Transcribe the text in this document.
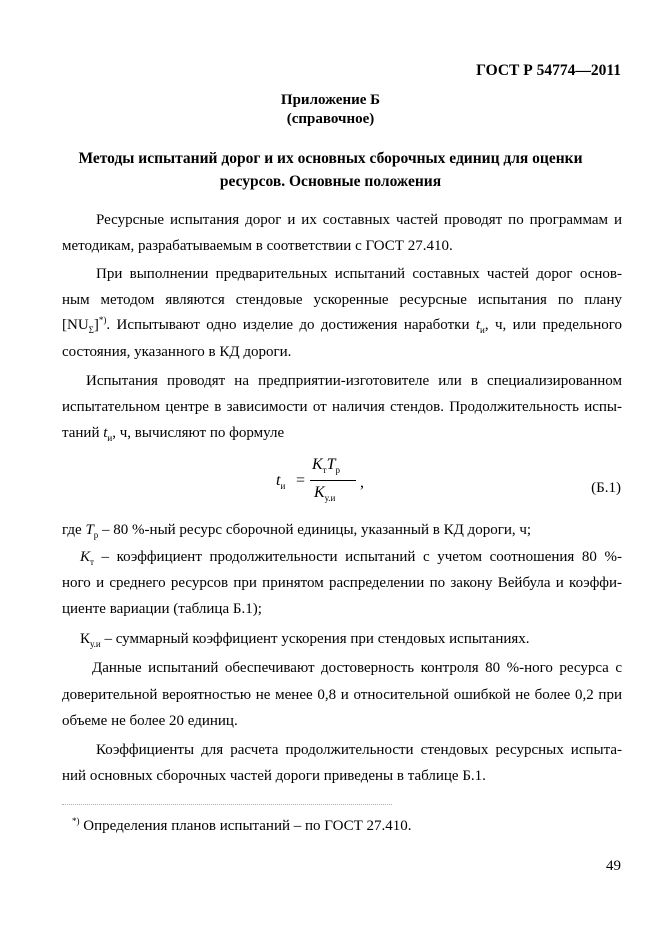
ГОСТ Р 54774—2011
Приложение Б
(справочное)
Методы испытаний дорог и их основных сборочных единиц для оценки
ресурсов. Основные положения
Ресурсные испытания дорог и их составных частей проводят по программам и
методикам, разрабатываемым в соответствии с ГОСТ 27.410.
При выполнении предварительных испытаний составных частей дорог основ-
ным методом являются стендовые ускоренные ресурсные испытания по плану
$[NU_\Sigma]^{*)}$. Испытывают одно изделие до достижения наработки $t_и$, ч, или предельного
состояния, указанного в КД дороги.
Испытания проводят на предприятии-изготовителе или в специализированном
испытательном центре в зависимости от наличия стендов. Продолжительность испы-
таний $t_и$, ч, вычисляют по формуле
$t_и$ =
$K_тT_р$
$K_{у.и}$
,	(Б.1)
где $T_р - 80$ %-ный ресурс сборочной единицы, указанный в КД дороги, ч;
$K_т$ – коэффициент продолжительности испытаний с учетом соотношения 80 %-
ного и среднего ресурсов при принятом распределении по закону Вейбула и коэффи-
циенте вариации (таблица Б.1);
$К_{у.и}$ – суммарный коэффициент ускорения при стендовых испытаниях.
Данные испытаний обеспечивают достоверность контроля 80 %-ного ресурса с
доверительной вероятностью не менее 0,8 и относительной ошибкой не более 0,2 при
объеме не более 20 единиц.
Коэффициенты для расчета продолжительности стендовых ресурсных испыта-
ний основных сборочных частей дороги приведены в таблице Б.1.
*) Определения планов испытаний – по ГОСТ 27.410.
49
